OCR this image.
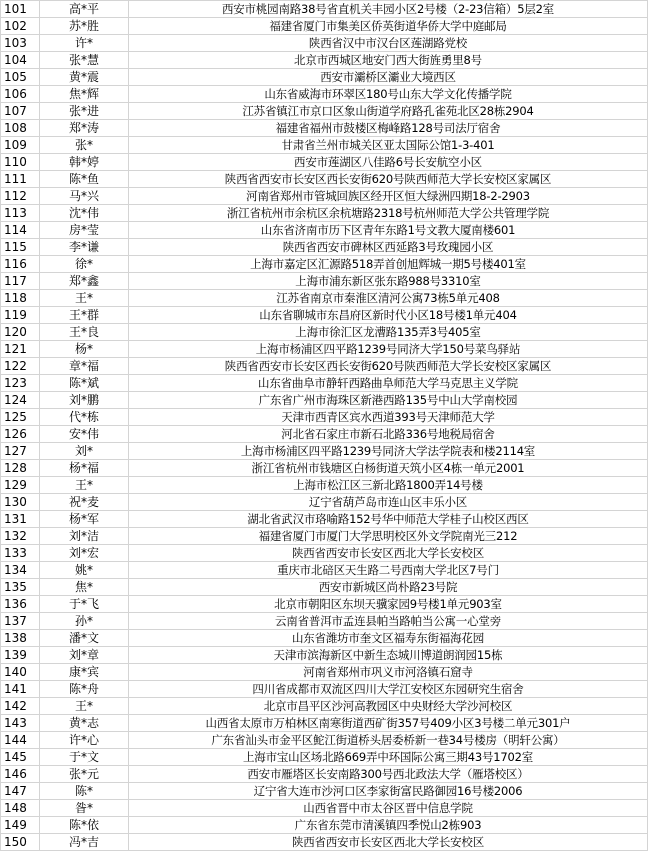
101	高*平	西安市桃园南路38号省直机关丰园小区2号楼（2-23信箱）5层2室
102	苏*胜	福建省厦门市集美区侨英街道华侨大学中庭邮局
103	许*	陕西省汉中市汉台区莲湖路党校
104	张*慧	北京市西城区地安门西大街旌勇里8号
105	黄*震	西安市灞桥区灞业大境西区
106	焦*辉	山东省威海市环翠区180号山东大学文化传播学院
107	张*进	江苏省镇江市京口区象山街道学府路孔雀苑北区28栋2904
108	郑*涛	福建省福州市鼓楼区梅峰路128号司法厅宿舍
109	张*	甘肃省兰州市城关区亚太国际公馆1-3-401
110	韩*婷	西安市莲湖区八佳路6号长安航空小区
111	陈*鱼	陕西省西安市长安区西长安街620号陕西师范大学长安校区家属区
112	马*兴	河南省郑州市管城回族区经开区恒大绿洲四期18-2-2903
113	沈*伟	浙江省杭州市余杭区余杭塘路2318号杭州师范大学公共管理学院
114	房*莹	山东省济南市历下区青年东路1号文教大厦南楼601
115	李*谦	陕西省西安市碑林区西延路3号玫瑰园小区
116	徐*	上海市嘉定区汇源路518弄首创旭辉城一期5号楼401室
117	郑*鑫	上海市浦东新区张东路988号3310室
118	王*	江苏省南京市秦淮区清河公寓73栋5单元408
119	王*群	山东省聊城市东昌府区新时代小区18号楼1单元404
120	王*良	上海市徐汇区龙漕路135弄3号405室
121	杨*	上海市杨浦区四平路1239号同济大学150号菜鸟驿站
122	章*福	陕西省西安市长安区西长安街620号陕西师范大学长安校区家属区
123	陈*斌	山东省曲阜市静轩西路曲阜师范大学马克思主义学院
124	刘*鹏	广东省广州市海珠区新港西路135号中山大学南校园
125	代*栋	天津市西青区宾水西道393号天津师范大学
126	安*伟	河北省石家庄市新石北路336号地税局宿舍
127	刘*	上海市杨浦区四平路1239号同济大学法学院表和楼2114室
128	杨*福	浙江省杭州市钱塘区白杨街道天筑小区4栋一单元2001
129	王*	上海市松江区三新北路1800弄14号楼
130	祝*麦	辽宁省葫芦岛市连山区丰乐小区
131	杨*军	湖北省武汉市珞喻路152号华中师范大学桂子山校区西区
132	刘*洁	福建省厦门市厦门大学思明校区外文学院南光三212
133	刘*宏	陕西省西安市长安区西北大学长安校区
134	姚*	重庆市北碚区天生路二号西南大学北区7号门
135	焦*	西安市新城区尚朴路23号院
136	于*飞	北京市朝阳区东坝天骥家园9号楼1单元903室
137	孙*	云南省普洱市孟连县帕当路帕当公寓一心堂旁
138	潘*文	山东省潍坊市奎文区福寿东街福海花园
139	刘*章	天津市滨海新区中新生态城川博道朗润园15栋
140	康*宾	河南省郑州市巩义市河洛镇石窟寺
141	陈*舟	四川省成都市双流区四川大学江安校区东园研究生宿舍
142	王*	北京市昌平区沙河高教园区中央财经大学沙河校区
143	黄*志	山西省太原市万柏林区南寒街道西矿街357号409小区3号楼二单元301户
144	许*心	广东省汕头市金平区鮀江街道桥头居委桥新一巷34号楼房（明轩公寓）
145	于*文	上海市宝山区场北路669弄中环国际公寓三期43号1702室
146	张*元	西安市雁塔区长安南路300号西北政法大学（雁塔校区）
147	陈*	辽宁省大连市沙河口区李家街富民路御园16号楼2006
148	昝*	山西省晋中市太谷区晋中信息学院
149	陈*依	广东省东莞市清溪镇四季悦山2栋903
150	冯*吉	陕西省西安市长安区西北大学长安校区
